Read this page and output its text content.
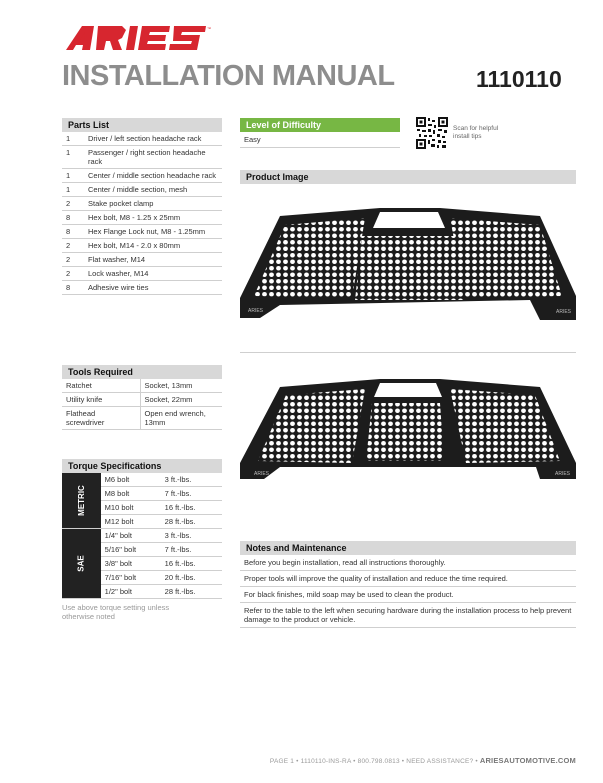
™
INSTALLATION MANUAL	1110110
Parts List
1	Driver / left section headache rack
1	Passenger / right section headache rack
1	Center / middle section headache rack
1	Center / middle section, mesh
2	Stake pocket clamp
8	Hex bolt, M8 - 1.25 x 25mm
8	Hex Flange Lock nut, M8 - 1.25mm
2	Hex bolt, M14 - 2.0 x 80mm
2	Flat washer, M14
2	Lock washer, M14
8	Adhesive wire ties
Tools Required
Ratchet	Socket, 13mm
Utility knife	Socket, 22mm
Flathead screwdriver	Open end wrench, 13mm
Torque Specifications
METRIC	M6 bolt	3 ft.-lbs.
	M8 bolt	7 ft.-lbs.
	M10 bolt	16 ft.-lbs.
	M12 bolt	28 ft.-lbs.
SAE	1/4" bolt	3 ft.-lbs.
	5/16" bolt	7 ft.-lbs.
	3/8" bolt	16 ft.-lbs.
	7/16" bolt	20 ft.-lbs.
	1/2" bolt	28 ft.-lbs.
Use above torque setting unless otherwise noted
Level of Difficulty
Easy
Scan for helpful install tips
Product Image
ARIES	ARIES
ARIES	ARIES
Notes and Maintenance
Before you begin installation, read all instructions thoroughly.
Proper tools will improve the quality of installation and reduce the time required.
For black finishes, mild soap may be used to clean the product.
Refer to the table to the left when securing hardware during the installation process to help prevent damage to the product or vehicle.
PAGE 1 • 1110110-INS-RA • 800.798.0813 • NEED ASSISTANCE? • ARIESAUTOMOTIVE.COM
